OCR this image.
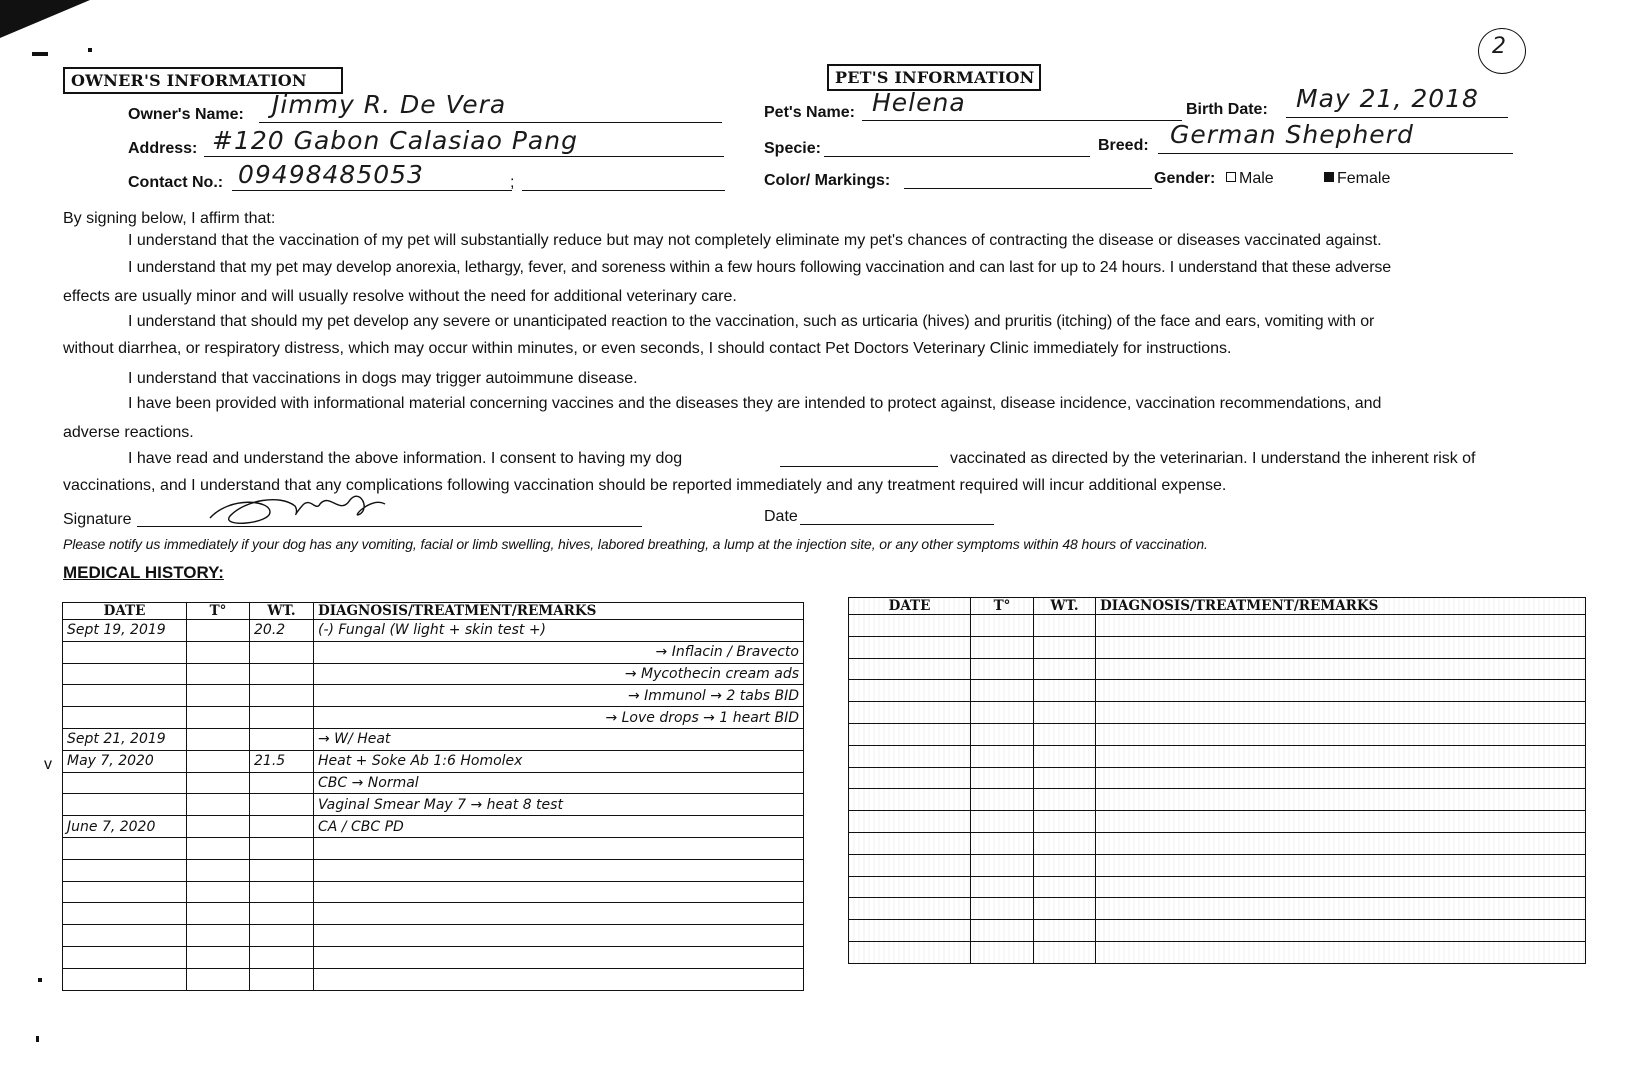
2
OWNER'S INFORMATION
Owner's Name: Jimmy R. De Vera
Address: #120 Gabon Calasiao Pang
Contact No.: 09498485053	;
PET'S INFORMATION
Pet's Name: Helena	Birth Date: May 21, 2018
Specie:	Breed: German Shepherd
Color/ Markings:	Gender:	Male	Female
By signing below, I affirm that:
I understand that the vaccination of my pet will substantially reduce but may not completely eliminate my pet's chances of contracting the disease or diseases vaccinated against.
I understand that my pet may develop anorexia, lethargy, fever, and soreness within a few hours following vaccination and can last for up to 24 hours. I understand that these adverse
effects are usually minor and will usually resolve without the need for additional veterinary care.
I understand that should my pet develop any severe or unanticipated reaction to the vaccination, such as urticaria (hives) and pruritis (itching) of the face and ears, vomiting with or
without diarrhea, or respiratory distress, which may occur within minutes, or even seconds, I should contact Pet Doctors Veterinary Clinic immediately for instructions.
I understand that vaccinations in dogs may trigger autoimmune disease.
I have been provided with informational material concerning vaccines and the diseases they are intended to protect against, disease incidence, vaccination recommendations, and
adverse reactions.
I have read and understand the above information. I consent to having my dog	vaccinated as directed by the veterinarian. I understand the inherent risk of
vaccinations, and I understand that any complications following vaccination should be reported immediately and any treatment required will incur additional expense.
Signature	Date
Please notify us immediately if your dog has any vomiting, facial or limb swelling, hives, labored breathing, a lump at the injection site, or any other symptoms within 48 hours of vaccination.
MEDICAL HISTORY:
DATE	T°	WT.	DIAGNOSIS/TREATMENT/REMARKS
Sept 19, 2019		20.2	(-) Fungal (W light + skin test +)
			→ Inflacin / Bravecto
			→ Mycothecin cream ads
			→ Immunol → 2 tabs BID
			→ Love drops → 1 heart BID
Sept 21, 2019			→ W/ Heat
May 7, 2020		21.5	Heat + Soke Ab 1:6 Homolex
			CBC → Normal
			Vaginal Smear May 7 → heat 8 test
June 7, 2020			CA / CBC PD

DATE	T°	WT.	DIAGNOSIS/TREATMENT/REMARKS

v
